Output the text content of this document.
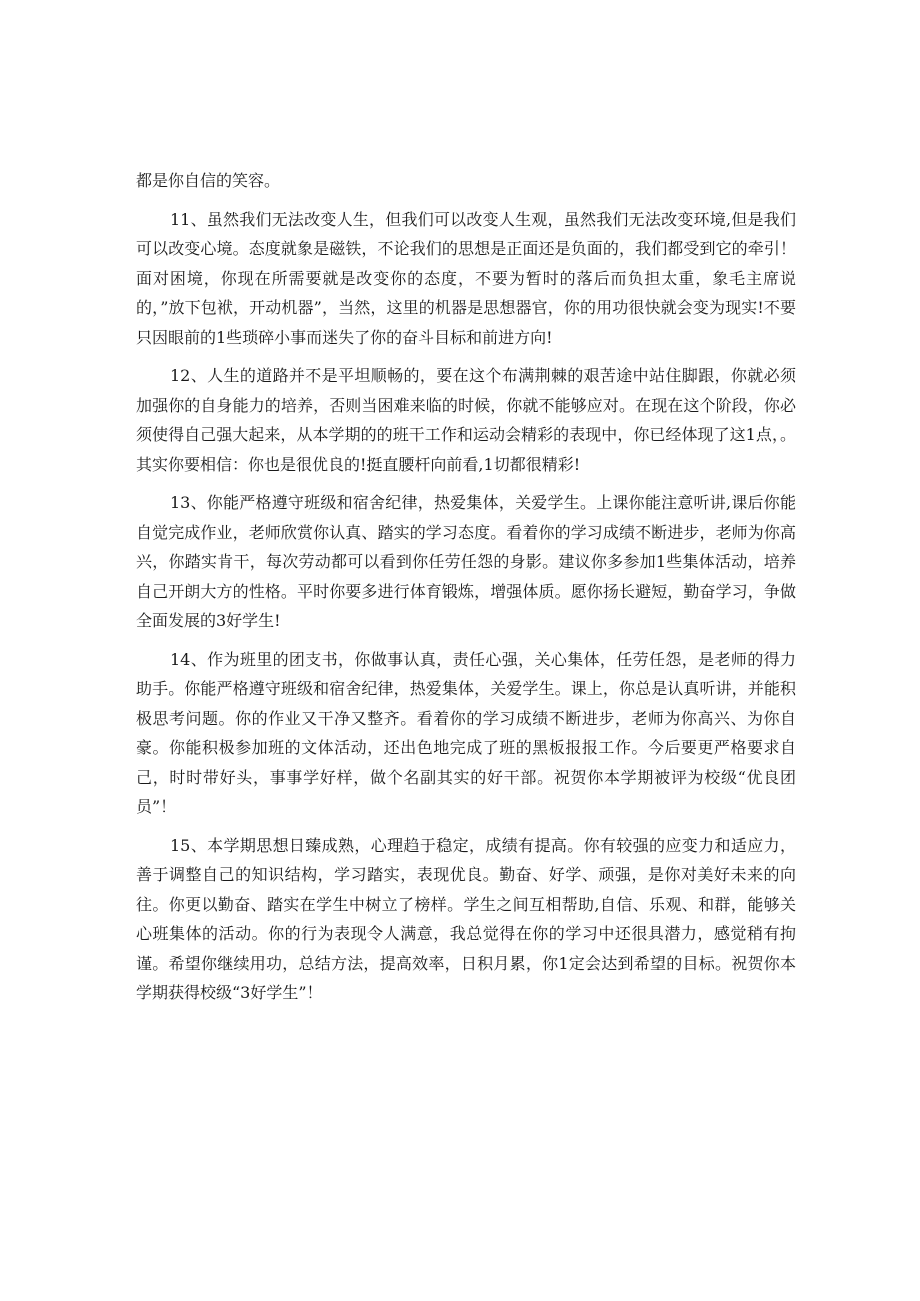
都是你自信的笑容。

11、虽然我们无法改变人生，但我们可以改变人生观，虽然我们无法改变环境,但是我们可以改变心境。态度就象是磁铁，不论我们的思想是正面还是负面的，我们都受到它的牵引！面对困境，你现在所需要就是改变你的态度，不要为暂时的落后而负担太重，象毛主席说的，”放下包袱，开动机器”，当然，这里的机器是思想器官，你的用功很快就会变为现实!不要只因眼前的1些琐碎小事而迷失了你的奋斗目标和前进方向!

12、人生的道路并不是平坦顺畅的，要在这个布满荆棘的艰苦途中站住脚跟，你就必须加强你的自身能力的培养，否则当困难来临的时候，你就不能够应对。在现在这个阶段，你必须使得自己强大起来，从本学期的的班干工作和运动会精彩的表现中，你已经体现了这1点，。其实你要相信：你也是很优良的!挺直腰杆向前看,1切都很精彩!

13、你能严格遵守班级和宿舍纪律，热爱集体，关爱学生。上课你能注意听讲,课后你能自觉完成作业，老师欣赏你认真、踏实的学习态度。看着你的学习成绩不断进步，老师为你高兴，你踏实肯干，每次劳动都可以看到你任劳任怨的身影。建议你多参加1些集体活动，培养自己开朗大方的性格。平时你要多进行体育锻炼，增强体质。愿你扬长避短，勤奋学习，争做全面发展的3好学生!

14、作为班里的团支书，你做事认真，责任心强，关心集体，任劳任怨，是老师的得力助手。你能严格遵守班级和宿舍纪律，热爱集体，关爱学生。课上，你总是认真听讲，并能积极思考问题。你的作业又干净又整齐。看着你的学习成绩不断进步，老师为你高兴、为你自豪。你能积极参加班的文体活动，还出色地完成了班的黑板报报工作。今后要更严格要求自己，时时带好头，事事学好样，做个名副其实的好干部。祝贺你本学期被评为校级“优良团员”！

15、本学期思想日臻成熟，心理趋于稳定，成绩有提高。你有较强的应变力和适应力，善于调整自己的知识结构，学习踏实，表现优良。勤奋、好学、顽强，是你对美好未来的向往。你更以勤奋、踏实在学生中树立了榜样。学生之间互相帮助,自信、乐观、和群，能够关心班集体的活动。你的行为表现令人满意，我总觉得在你的学习中还很具潜力，感觉稍有拘谨。希望你继续用功，总结方法，提高效率，日积月累，你1定会达到希望的目标。祝贺你本学期获得校级“3好学生”！
